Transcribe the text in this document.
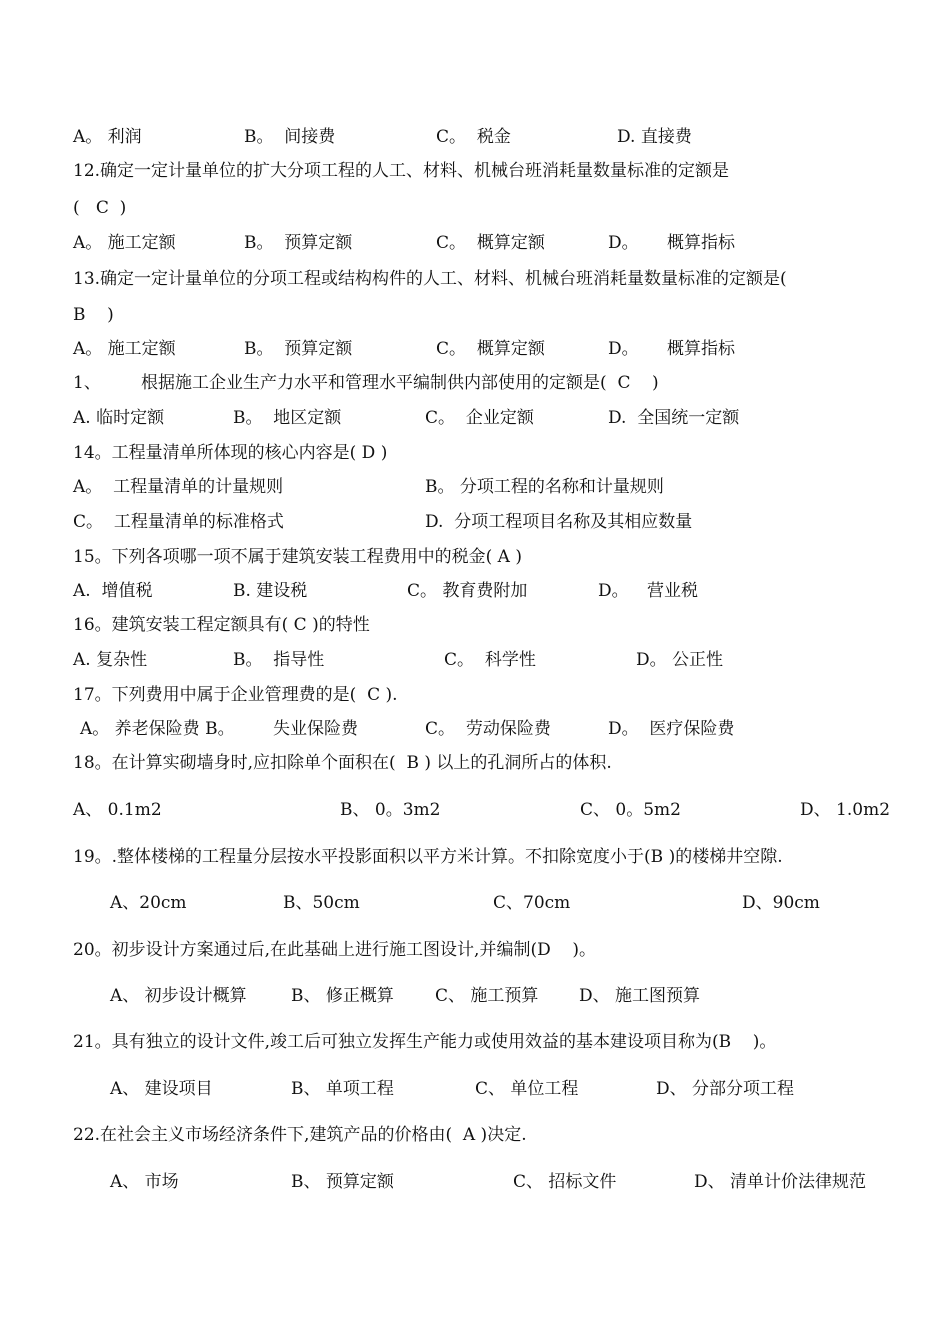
A。 利润	B。  间接费	C。  税金	D. 直接费
12.确定一定计量单位的扩大分项工程的人工、材料、机械台班消耗量数量标准的定额是
(   C  )
A。 施工定额	B。  预算定额	C。  概算定额	D。 概算指标
13.确定一定计量单位的分项工程或结构构件的人工、材料、机械台班消耗量数量标准的定额是(
B    )
A。 施工定额	B。  预算定额	C。  概算定额	D。 概算指标
1、 根据施工企业生产力水平和管理水平编制供内部使用的定额是(  C    )
A. 临时定额	B。  地区定额	C。  企业定额	D.  全国统一定额
14。工程量清单所体现的核心内容是( D )
A。  工程量清单的计量规则	B。 分项工程的名称和计量规则
C。  工程量清单的标准格式	D.  分项工程项目名称及其相应数量
15。下列各项哪一项不属于建筑安装工程费用中的税金( A )
A.  增值税	B. 建设税	C。 教育费附加	D。 营业税
16。建筑安装工程定额具有( C )的特性
A. 复杂性	B。  指导性	C。  科学性	D。 公正性
17。下列费用中属于企业管理费的是(  C ).
A。 养老保险费 B。 失业保险费	C。  劳动保险费	D。  医疗保险费
18。在计算实砌墙身时,应扣除单个面积在(  B ) 以上的孔洞所占的体积.
A、 0.1m2	B、 0。3m2	C、 0。5m2	D、 1.0m2
19。.整体楼梯的工程量分层按水平投影面积以平方米计算。不扣除宽度小于(B )的楼梯井空隙.
A、20cm	B、50cm	C、70cm	D、90cm
20。初步设计方案通过后,在此基础上进行施工图设计,并编制(D    )。
A、 初步设计概算	B、 修正概算 C、 施工预算 D、 施工图预算
21。具有独立的设计文件,竣工后可独立发挥生产能力或使用效益的基本建设项目称为(B    )。
A、 建设项目	B、 单项工程	C、 单位工程	D、 分部分项工程
22.在社会主义市场经济条件下,建筑产品的价格由(  A )决定.
A、 市场	B、 预算定额	C、 招标文件	D、 清单计价法律规范
